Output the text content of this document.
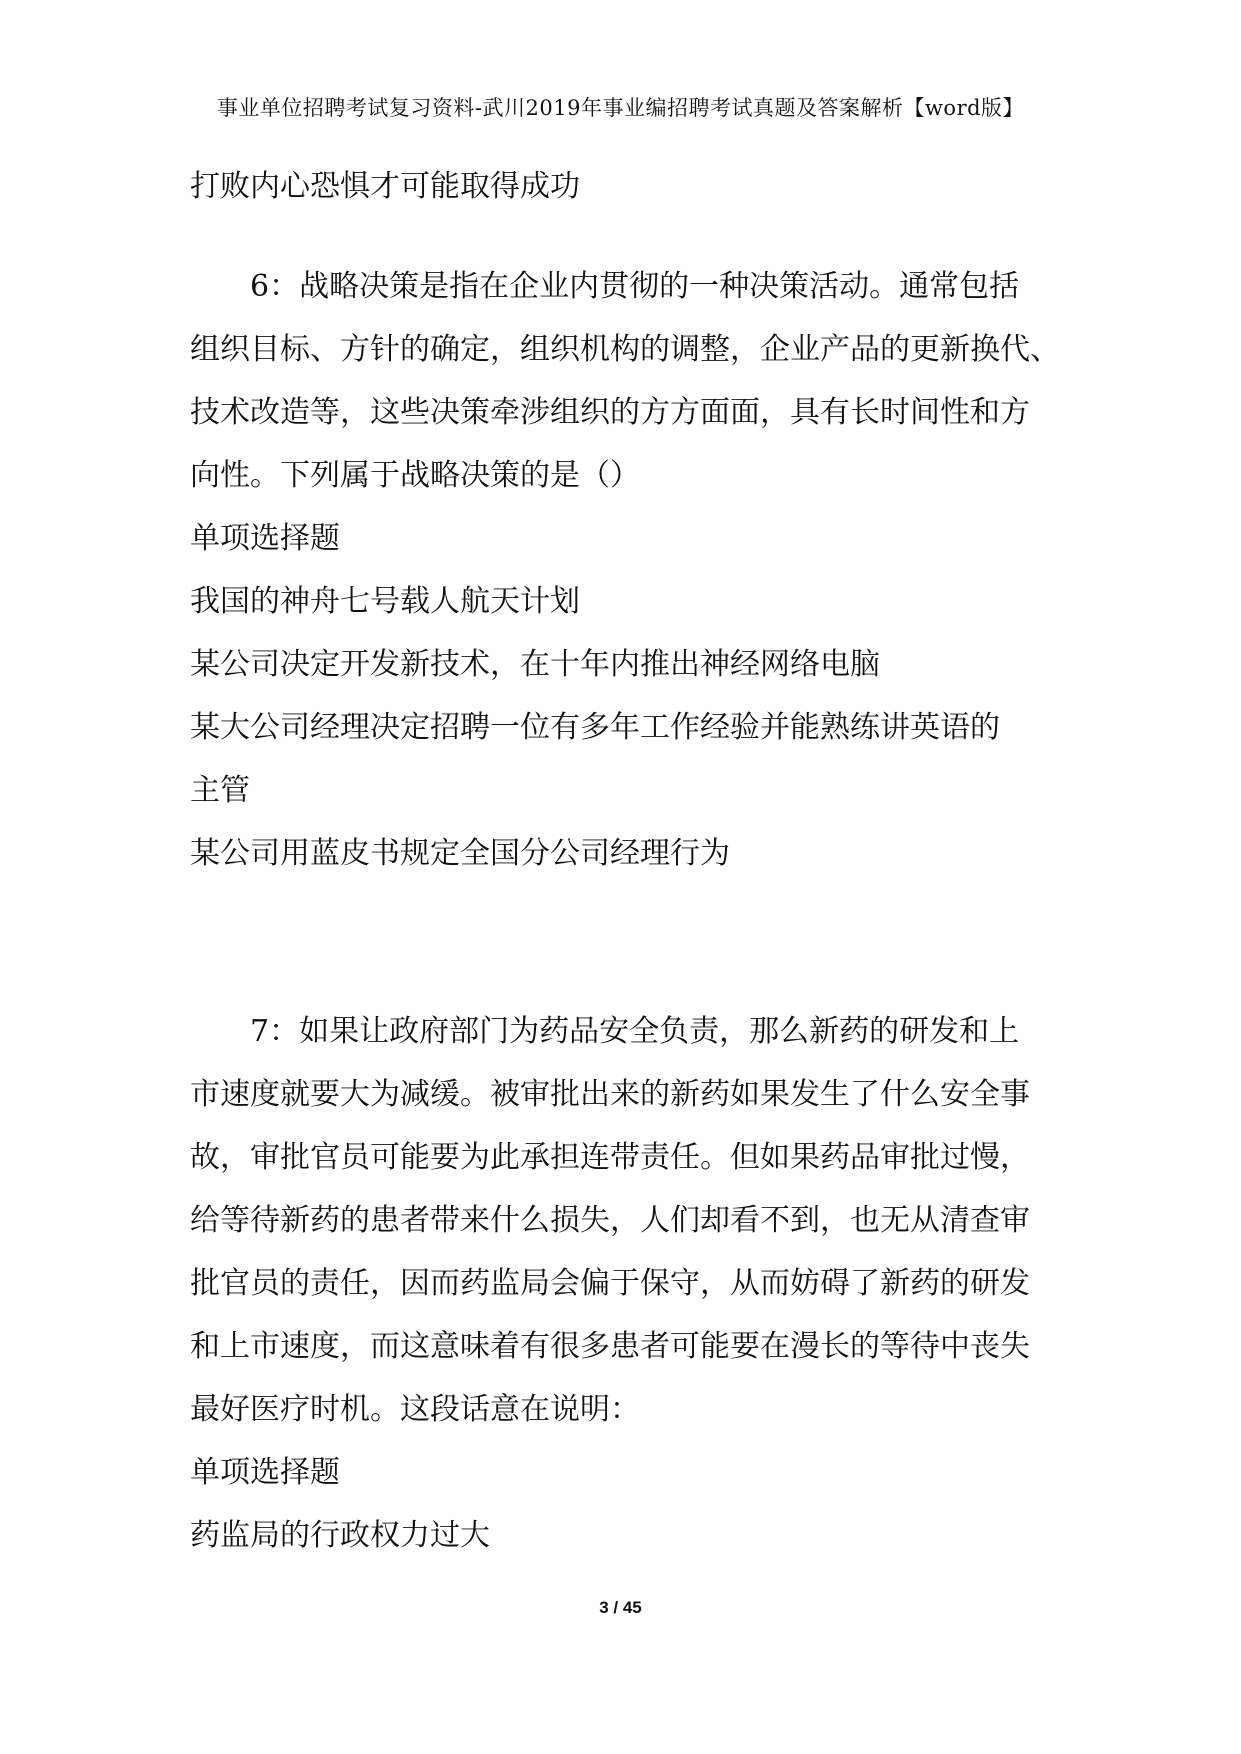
事业单位招聘考试复习资料-武川2019年事业编招聘考试真题及答案解析【word版】
打败内心恐惧才可能取得成功
6：战略决策是指在企业内贯彻的一种决策活动。通常包括
组织目标、方针的确定，组织机构的调整，企业产品的更新换代、
技术改造等，这些决策牵涉组织的方方面面，具有长时间性和方
向性。下列属于战略决策的是（）
单项选择题
我国的神舟七号载人航天计划
某公司决定开发新技术，在十年内推出神经网络电脑
某大公司经理决定招聘一位有多年工作经验并能熟练讲英语的
主管
某公司用蓝皮书规定全国分公司经理行为
7：如果让政府部门为药品安全负责，那么新药的研发和上
市速度就要大为减缓。被审批出来的新药如果发生了什么安全事
故，审批官员可能要为此承担连带责任。但如果药品审批过慢，
给等待新药的患者带来什么损失，人们却看不到，也无从清查审
批官员的责任，因而药监局会偏于保守，从而妨碍了新药的研发
和上市速度，而这意味着有很多患者可能要在漫长的等待中丧失
最好医疗时机。这段话意在说明：
单项选择题
药监局的行政权力过大
3 / 45
